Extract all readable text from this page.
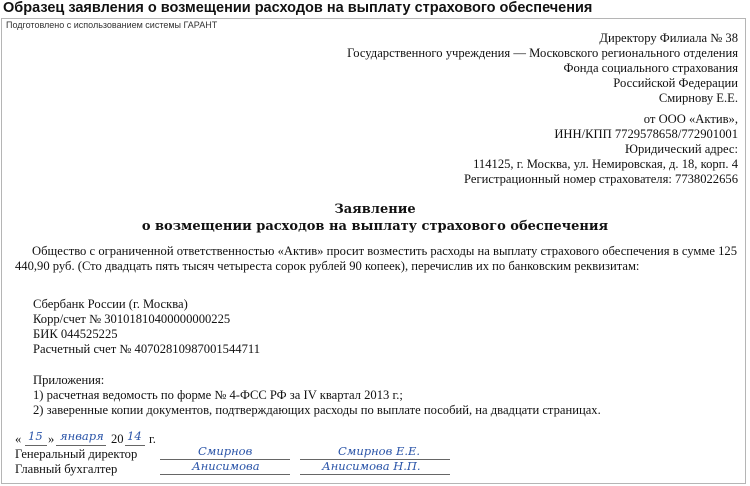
Образец заявления о возмещении расходов на выплату страхового обеспечения
Подготовлено с использованием системы ГАРАНТ
Директору Филиала № 38
Государственного учреждения — Московского регионального отделения
Фонда социального страхования
Российской Федерации
Смирнову Е.Е.
от ООО «Актив»,
ИНН/КПП 7729578658/772901001
Юридический адрес:
114125, г. Москва, ул. Немировская, д. 18, корп. 4
Регистрационный номер страхователя: 7738022656
Заявление
о возмещении расходов на выплату страхового обеспечения

Общество с ограниченной ответственностью «Актив» просит возместить расходы на выплату страхового обеспечения в сумме 125 440,90 руб. (Сто двадцать пять тысяч четыреста сорок рублей 90 копеек), перечислив их по банковским реквизитам:

Сбербанк России (г. Москва)
Корр/счет № 30101810400000000225
БИК 044525225
Расчетный счет № 40702810987001544711
Приложения:
1) расчетная ведомость по форме № 4-ФСС РФ за IV квартал 2013 г.;
2) заверенные копии документов, подтверждающих расходы по выплате пособий, на двадцати страницах.
« 15 » января 20 14 г.
Генеральный директор	Смирнов	Смирнов Е.Е.
Главный бухгалтер	Анисимова	Анисимова Н.П.
